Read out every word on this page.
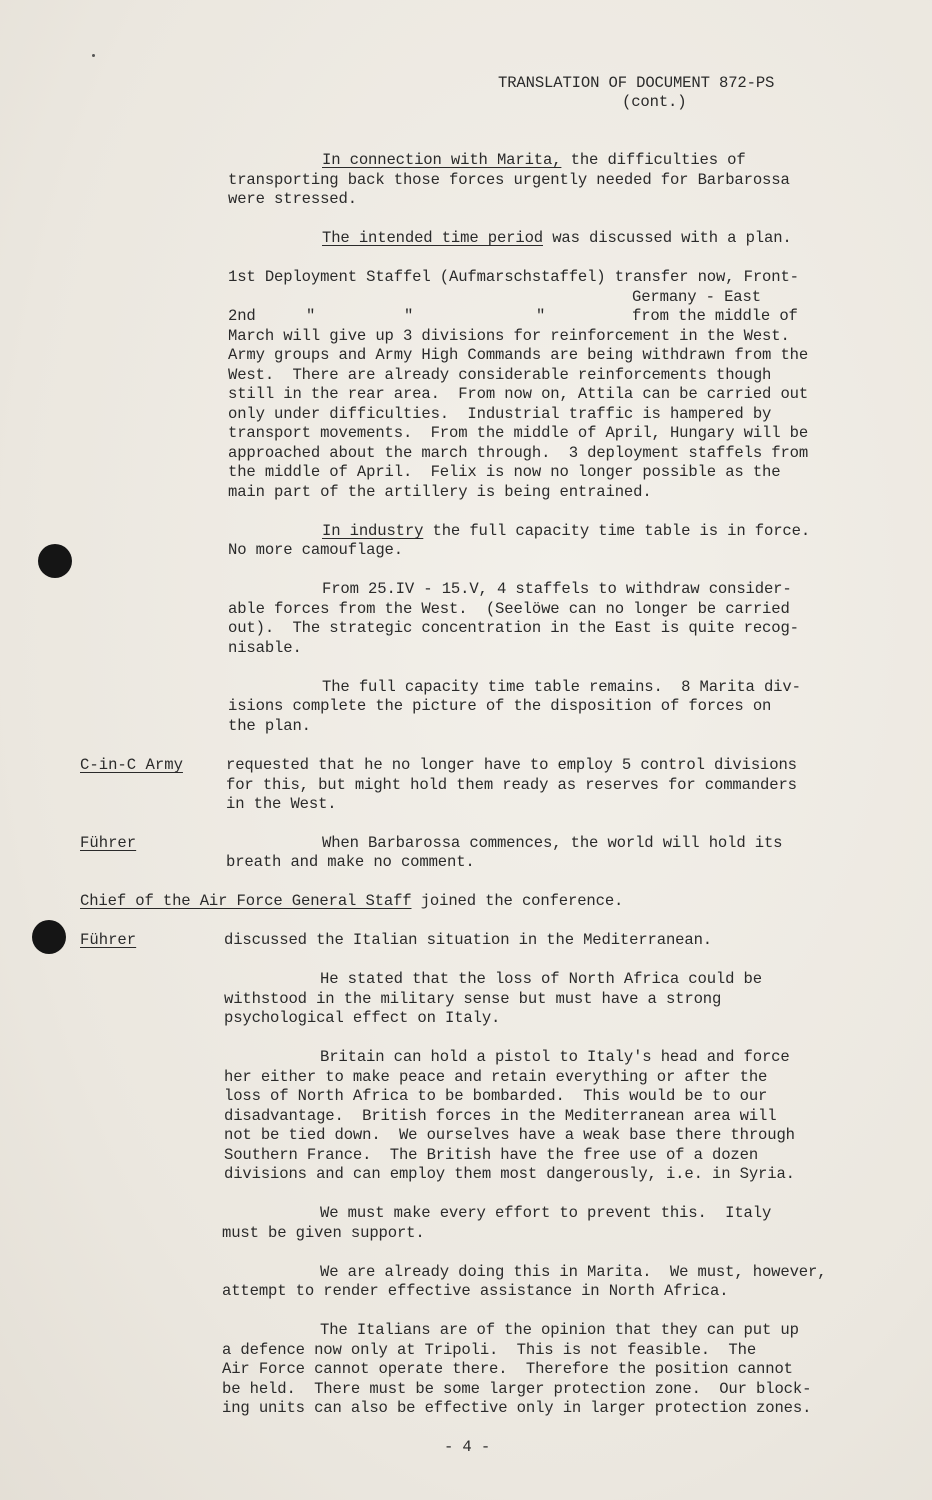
TRANSLATION OF DOCUMENT 872-PS
(cont.)
In connection with Marita, the difficulties of
transporting back those forces urgently needed for Barbarossa
were stressed.
The intended time period was discussed with a plan.
1st Deployment Staffel (Aufmarschstaffel) transfer now, Front-
Germany - East
2nd	"	"	"	from the middle of
March will give up 3 divisions for reinforcement in the West.
Army groups and Army High Commands are being withdrawn from the
West.  There are already considerable reinforcements though
still in the rear area.  From now on, Attila can be carried out
only under difficulties.  Industrial traffic is hampered by
transport movements.  From the middle of April, Hungary will be
approached about the march through.  3 deployment staffels from
the middle of April.  Felix is now no longer possible as the
main part of the artillery is being entrained.
In industry the full capacity time table is in force.
No more camouflage.
From 25.IV - 15.V, 4 staffels to withdraw consider-
able forces from the West.  (Seelöwe can no longer be carried
out).  The strategic concentration in the East is quite recog-
nisable.
The full capacity time table remains.  8 Marita div-
isions complete the picture of the disposition of forces on
the plan.
C-in-C Army	requested that he no longer have to employ 5 control divisions
for this, but might hold them ready as reserves for commanders
in the West.
Führer	When Barbarossa commences, the world will hold its
breath and make no comment.
Chief of the Air Force General Staff joined the conference.
Führer	discussed the Italian situation in the Mediterranean.
He stated that the loss of North Africa could be
withstood in the military sense but must have a strong
psychological effect on Italy.
Britain can hold a pistol to Italy's head and force
her either to make peace and retain everything or after the
loss of North Africa to be bombarded.  This would be to our
disadvantage.  British forces in the Mediterranean area will
not be tied down.  We ourselves have a weak base there through
Southern France.  The British have the free use of a dozen
divisions and can employ them most dangerously, i.e. in Syria.
We must make every effort to prevent this.  Italy
must be given support.
We are already doing this in Marita.  We must, however,
attempt to render effective assistance in North Africa.
The Italians are of the opinion that they can put up
a defence now only at Tripoli.  This is not feasible.  The
Air Force cannot operate there.  Therefore the position cannot
be held.  There must be some larger protection zone.  Our block-
ing units can also be effective only in larger protection zones.
- 4 -
